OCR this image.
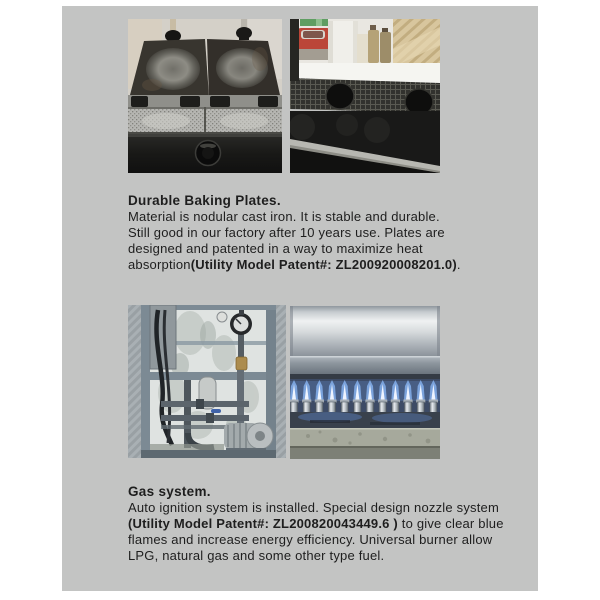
Durable Baking Plates.
Material is nodular cast iron. It is stable and durable.
Still good in our factory after 10 years use. Plates are
designed and patented in a way to maximize heat
absorption(Utility Model Patent#: ZL200920008201.0).
Gas system.
Auto ignition system is installed. Special design nozzle system
(Utility Model Patent#: ZL200820043449.6 ) to give clear blue
flames and increase energy efficiency. Universal burner allow
LPG, natural gas and some other type fuel.
